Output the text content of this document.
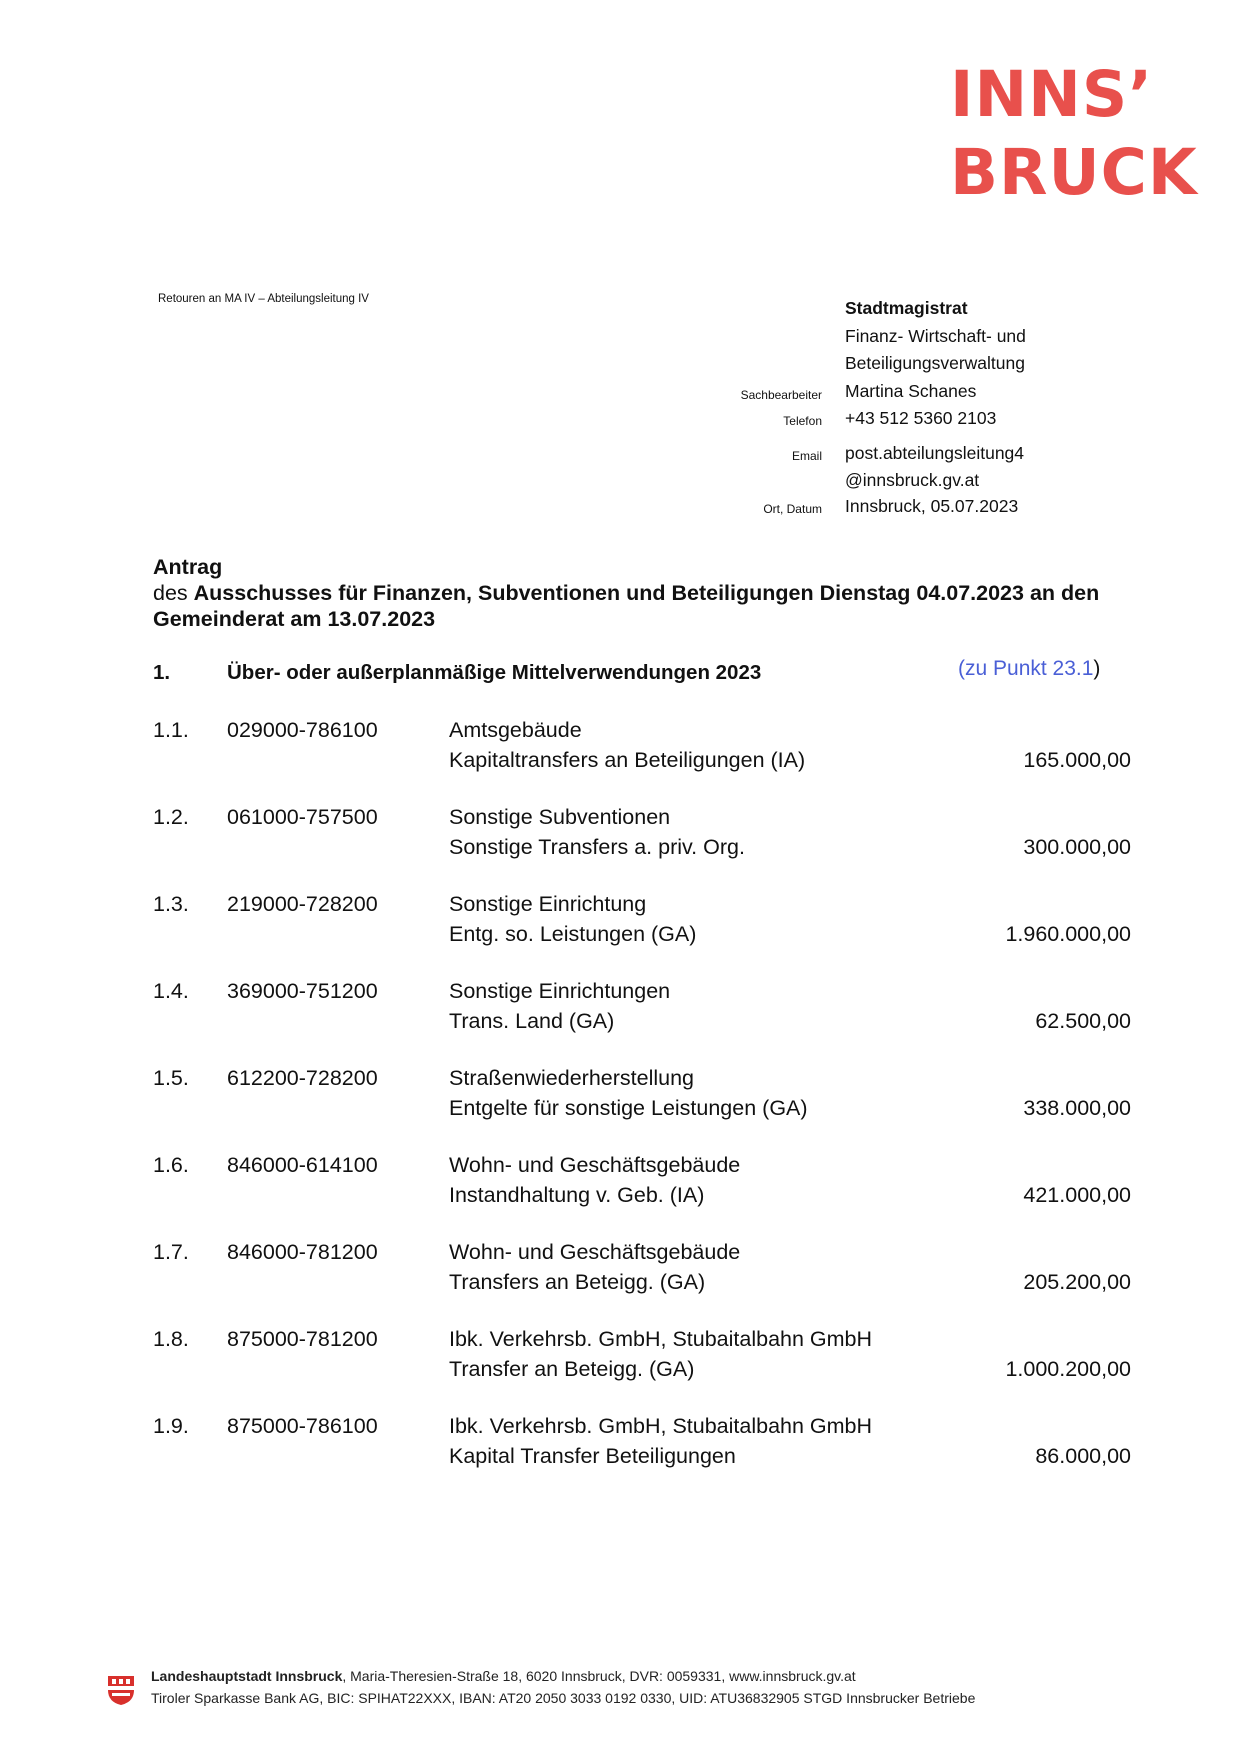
INNS’
BRUCK
Retouren an MA IV – Abteilungsleitung IV	Stadtmagistrat
Finanz- Wirtschaft- und
Beteiligungsverwaltung
Sachbearbeiter Martina Schanes
Telefon +43 512 5360 2103
Email post.abteilungsleitung4
@innsbruck.gv.at
Ort, Datum Innsbruck, 05.07.2023
Antrag
des Ausschusses für Finanzen, Subventionen und Beteiligungen Dienstag 04.07.2023 an den Gemeinderat am 13.07.2023
1.	Über- oder außerplanmäßige Mittelverwendungen 2023	(zu Punkt 23.1)
1.1. 029000-786100	Amtsgebäude
Kapitaltransfers an Beteiligungen (IA)	165.000,00
1.2. 061000-757500	Sonstige Subventionen
Sonstige Transfers a. priv. Org.	300.000,00
1.3. 219000-728200	Sonstige Einrichtung
Entg. so. Leistungen (GA)	1.960.000,00
1.4. 369000-751200	Sonstige Einrichtungen
Trans. Land (GA)	62.500,00
1.5. 612200-728200	Straßenwiederherstellung
Entgelte für sonstige Leistungen (GA)	338.000,00
1.6. 846000-614100	Wohn- und Geschäftsgebäude
Instandhaltung v. Geb. (IA)	421.000,00
1.7. 846000-781200	Wohn- und Geschäftsgebäude
Transfers an Beteigg. (GA)	205.200,00
1.8. 875000-781200	Ibk. Verkehrsb. GmbH, Stubaitalbahn GmbH
Transfer an Beteigg. (GA)	1.000.200,00
1.9. 875000-786100	Ibk. Verkehrsb. GmbH, Stubaitalbahn GmbH
Kapital Transfer Beteiligungen	86.000,00
Landeshauptstadt Innsbruck, Maria-Theresien-Straße 18, 6020 Innsbruck, DVR: 0059331, www.innsbruck.gv.at
Tiroler Sparkasse Bank AG, BIC: SPIHAT22XXX, IBAN: AT20 2050 3033 0192 0330, UID: ATU36832905 STGD Innsbrucker Betriebe
